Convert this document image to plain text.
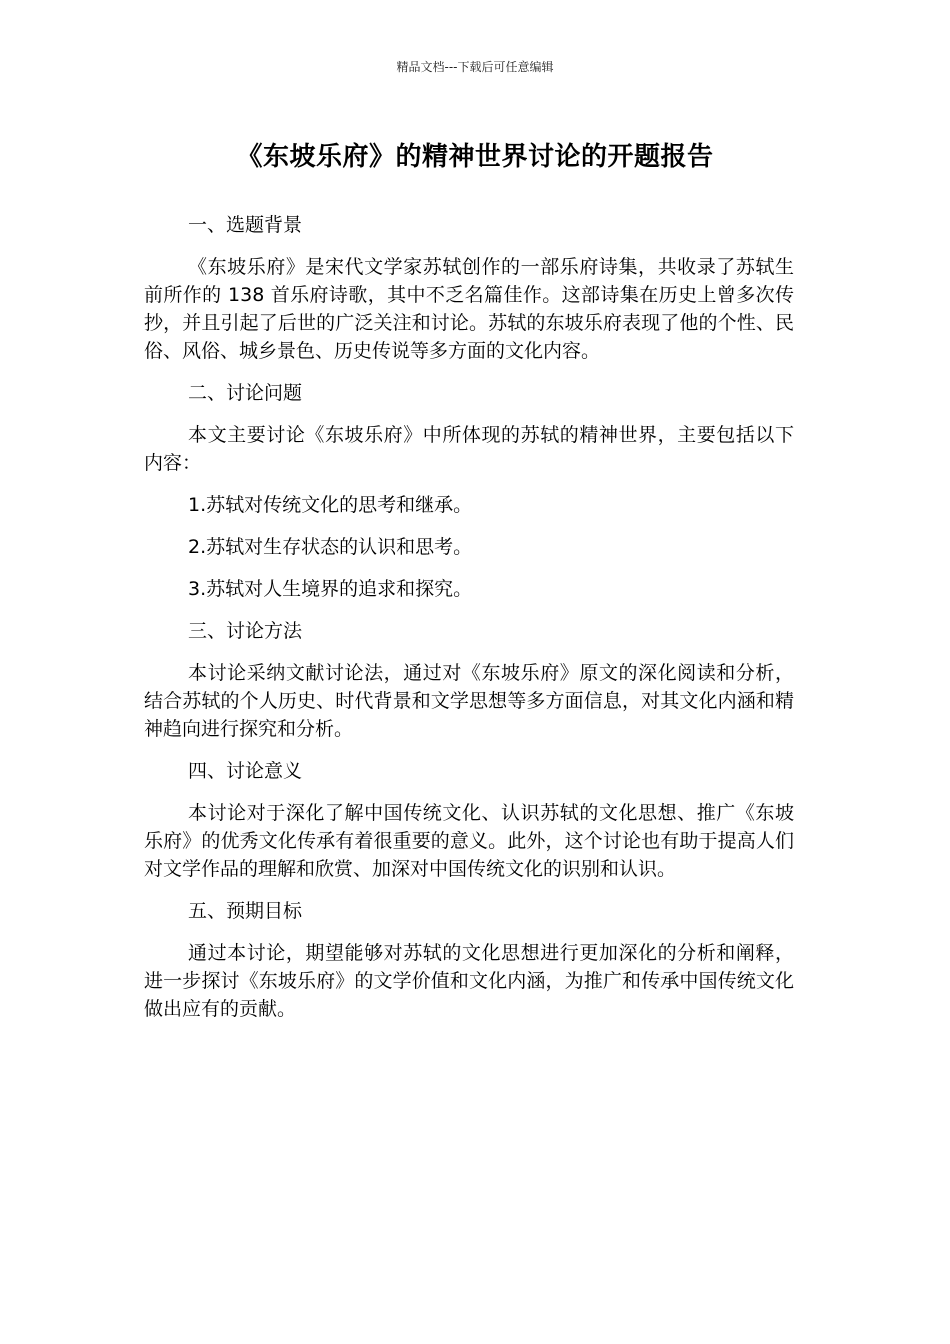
精品文档---下载后可任意编辑
《东坡乐府》的精神世界讨论的开题报告

一、选题背景

《东坡乐府》是宋代文学家苏轼创作的一部乐府诗集，共收录了苏轼生前所作的 138 首乐府诗歌，其中不乏名篇佳作。这部诗集在历史上曾多次传抄，并且引起了后世的广泛关注和讨论。苏轼的东坡乐府表现了他的个性、民俗、风俗、城乡景色、历史传说等多方面的文化内容。

二、讨论问题

本文主要讨论《东坡乐府》中所体现的苏轼的精神世界，主要包括以下内容：

1.苏轼对传统文化的思考和继承。

2.苏轼对生存状态的认识和思考。

3.苏轼对人生境界的追求和探究。

三、讨论方法

本讨论采纳文献讨论法，通过对《东坡乐府》原文的深化阅读和分析，结合苏轼的个人历史、时代背景和文学思想等多方面信息，对其文化内涵和精神趋向进行探究和分析。

四、讨论意义

本讨论对于深化了解中国传统文化、认识苏轼的文化思想、推广《东坡乐府》的优秀文化传承有着很重要的意义。此外，这个讨论也有助于提高人们对文学作品的理解和欣赏、加深对中国传统文化的识别和认识。

五、预期目标

通过本讨论，期望能够对苏轼的文化思想进行更加深化的分析和阐释，进一步探讨《东坡乐府》的文学价值和文化内涵，为推广和传承中国传统文化做出应有的贡献。
